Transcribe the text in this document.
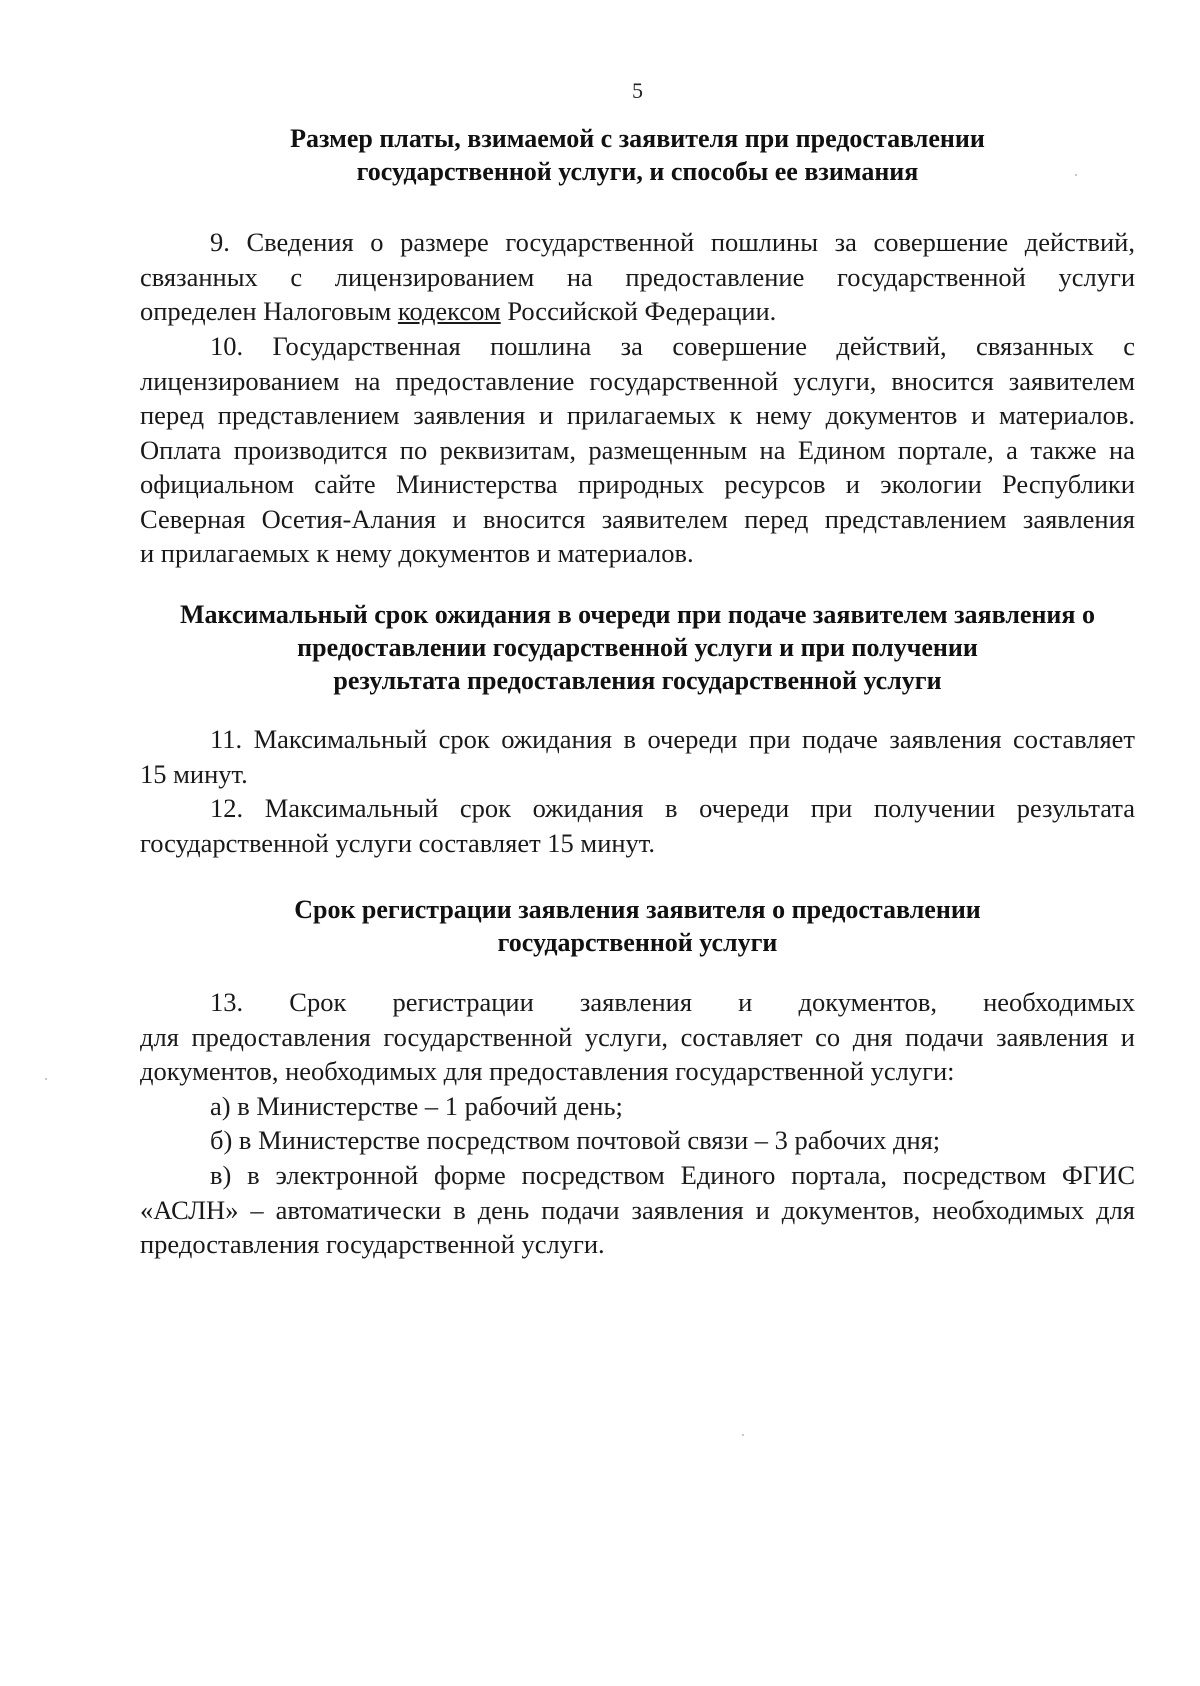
5
Размер платы, взимаемой с заявителя при предоставлении
государственной услуги, и способы ее взимания
9. Сведения о размере государственной пошлины за совершение действий,
связанных с лицензированием на предоставление государственной услуги
определен Налоговым кодексом Российской Федерации.
10. Государственная пошлина за совершение действий, связанных с
лицензированием на предоставление государственной услуги, вносится заявителем
перед представлением заявления и прилагаемых к нему документов и материалов.
Оплата производится по реквизитам, размещенным на Едином портале, а также на
официальном сайте Министерства природных ресурсов и экологии Республики
Северная Осетия-Алания и вносится заявителем перед представлением заявления
и прилагаемых к нему документов и материалов.
Максимальный срок ожидания в очереди при подаче заявителем заявления о
предоставлении государственной услуги и при получении
результата предоставления государственной услуги
11. Максимальный срок ожидания в очереди при подаче заявления составляет
15 минут.
12. Максимальный срок ожидания в очереди при получении результата
государственной услуги составляет 15 минут.
Срок регистрации заявления заявителя о предоставлении
государственной услуги
13. Срок регистрации заявления и документов, необходимых
для предоставления государственной услуги, составляет со дня подачи заявления и
документов, необходимых для предоставления государственной услуги:
а) в Министерстве – 1 рабочий день;
б) в Министерстве посредством почтовой связи – 3 рабочих дня;
в) в электронной форме посредством Единого портала, посредством ФГИС
«АСЛН» – автоматически в день подачи заявления и документов, необходимых для
предоставления государственной услуги.
